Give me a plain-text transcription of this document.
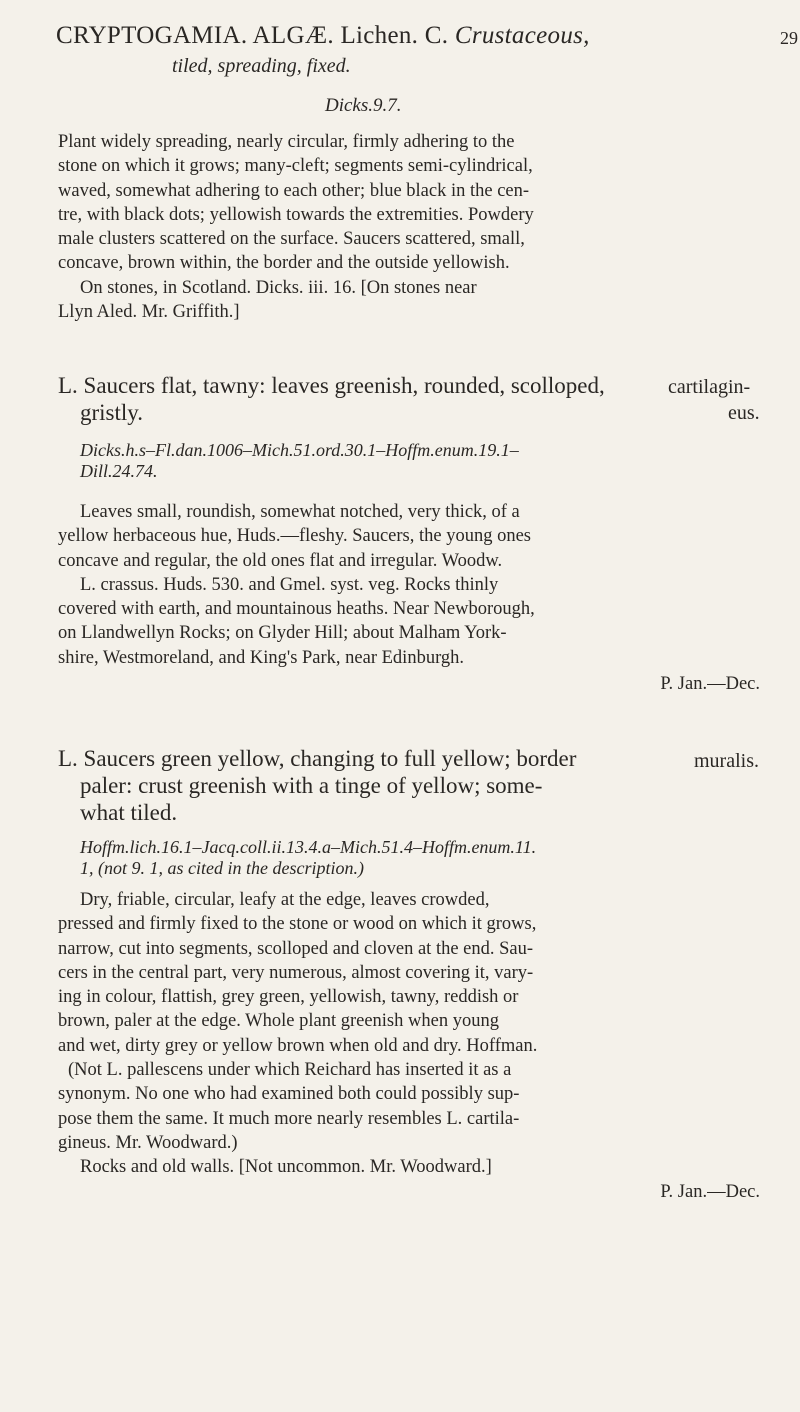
CRYPTOGAMIA. ALGÆ. Lichen. C. Crustaceous,	29
tiled, spreading, fixed.
Dicks.9.7.
Plant widely spreading, nearly circular, firmly adhering to the
stone on which it grows; many-cleft; segments semi-cylindrical,
waved, somewhat adhering to each other; blue black in the cen-
tre, with black dots; yellowish towards the extremities. Powdery
male clusters scattered on the surface. Saucers scattered, small,
concave, brown within, the border and the outside yellowish.
On stones, in Scotland. Dicks. iii. 16. [On stones near
Llyn Aled. Mr. Griffith.]
L. Saucers flat, tawny: leaves greenish, rounded, scolloped,
gristly.
cartilagin-
eus.
Dicks.h.s–Fl.dan.1006–Mich.51.ord.30.1–Hoffm.enum.19.1–
Dill.24.74.
Leaves small, roundish, somewhat notched, very thick, of a
yellow herbaceous hue, Huds.—fleshy. Saucers, the young ones
concave and regular, the old ones flat and irregular. Woodw.
L. crassus. Huds. 530. and Gmel. syst. veg. Rocks thinly
covered with earth, and mountainous heaths. Near Newborough,
on Llandwellyn Rocks; on Glyder Hill; about Malham York-
shire, Westmoreland, and King's Park, near Edinburgh.
P. Jan.—Dec.
L. Saucers green yellow, changing to full yellow; border
paler: crust greenish with a tinge of yellow; some-
what tiled.
muralis.
Hoffm.lich.16.1–Jacq.coll.ii.13.4.a–Mich.51.4–Hoffm.enum.11.
1, (not 9. 1, as cited in the description.)
Dry, friable, circular, leafy at the edge, leaves crowded,
pressed and firmly fixed to the stone or wood on which it grows,
narrow, cut into segments, scolloped and cloven at the end. Sau-
cers in the central part, very numerous, almost covering it, vary-
ing in colour, flattish, grey green, yellowish, tawny, reddish or
brown, paler at the edge. Whole plant greenish when young
and wet, dirty grey or yellow brown when old and dry. Hoffman.
(Not L. pallescens under which Reichard has inserted it as a
synonym. No one who had examined both could possibly sup-
pose them the same. It much more nearly resembles L. cartila-
gineus. Mr. Woodward.)
Rocks and old walls. [Not uncommon. Mr. Woodward.]
P. Jan.—Dec.
